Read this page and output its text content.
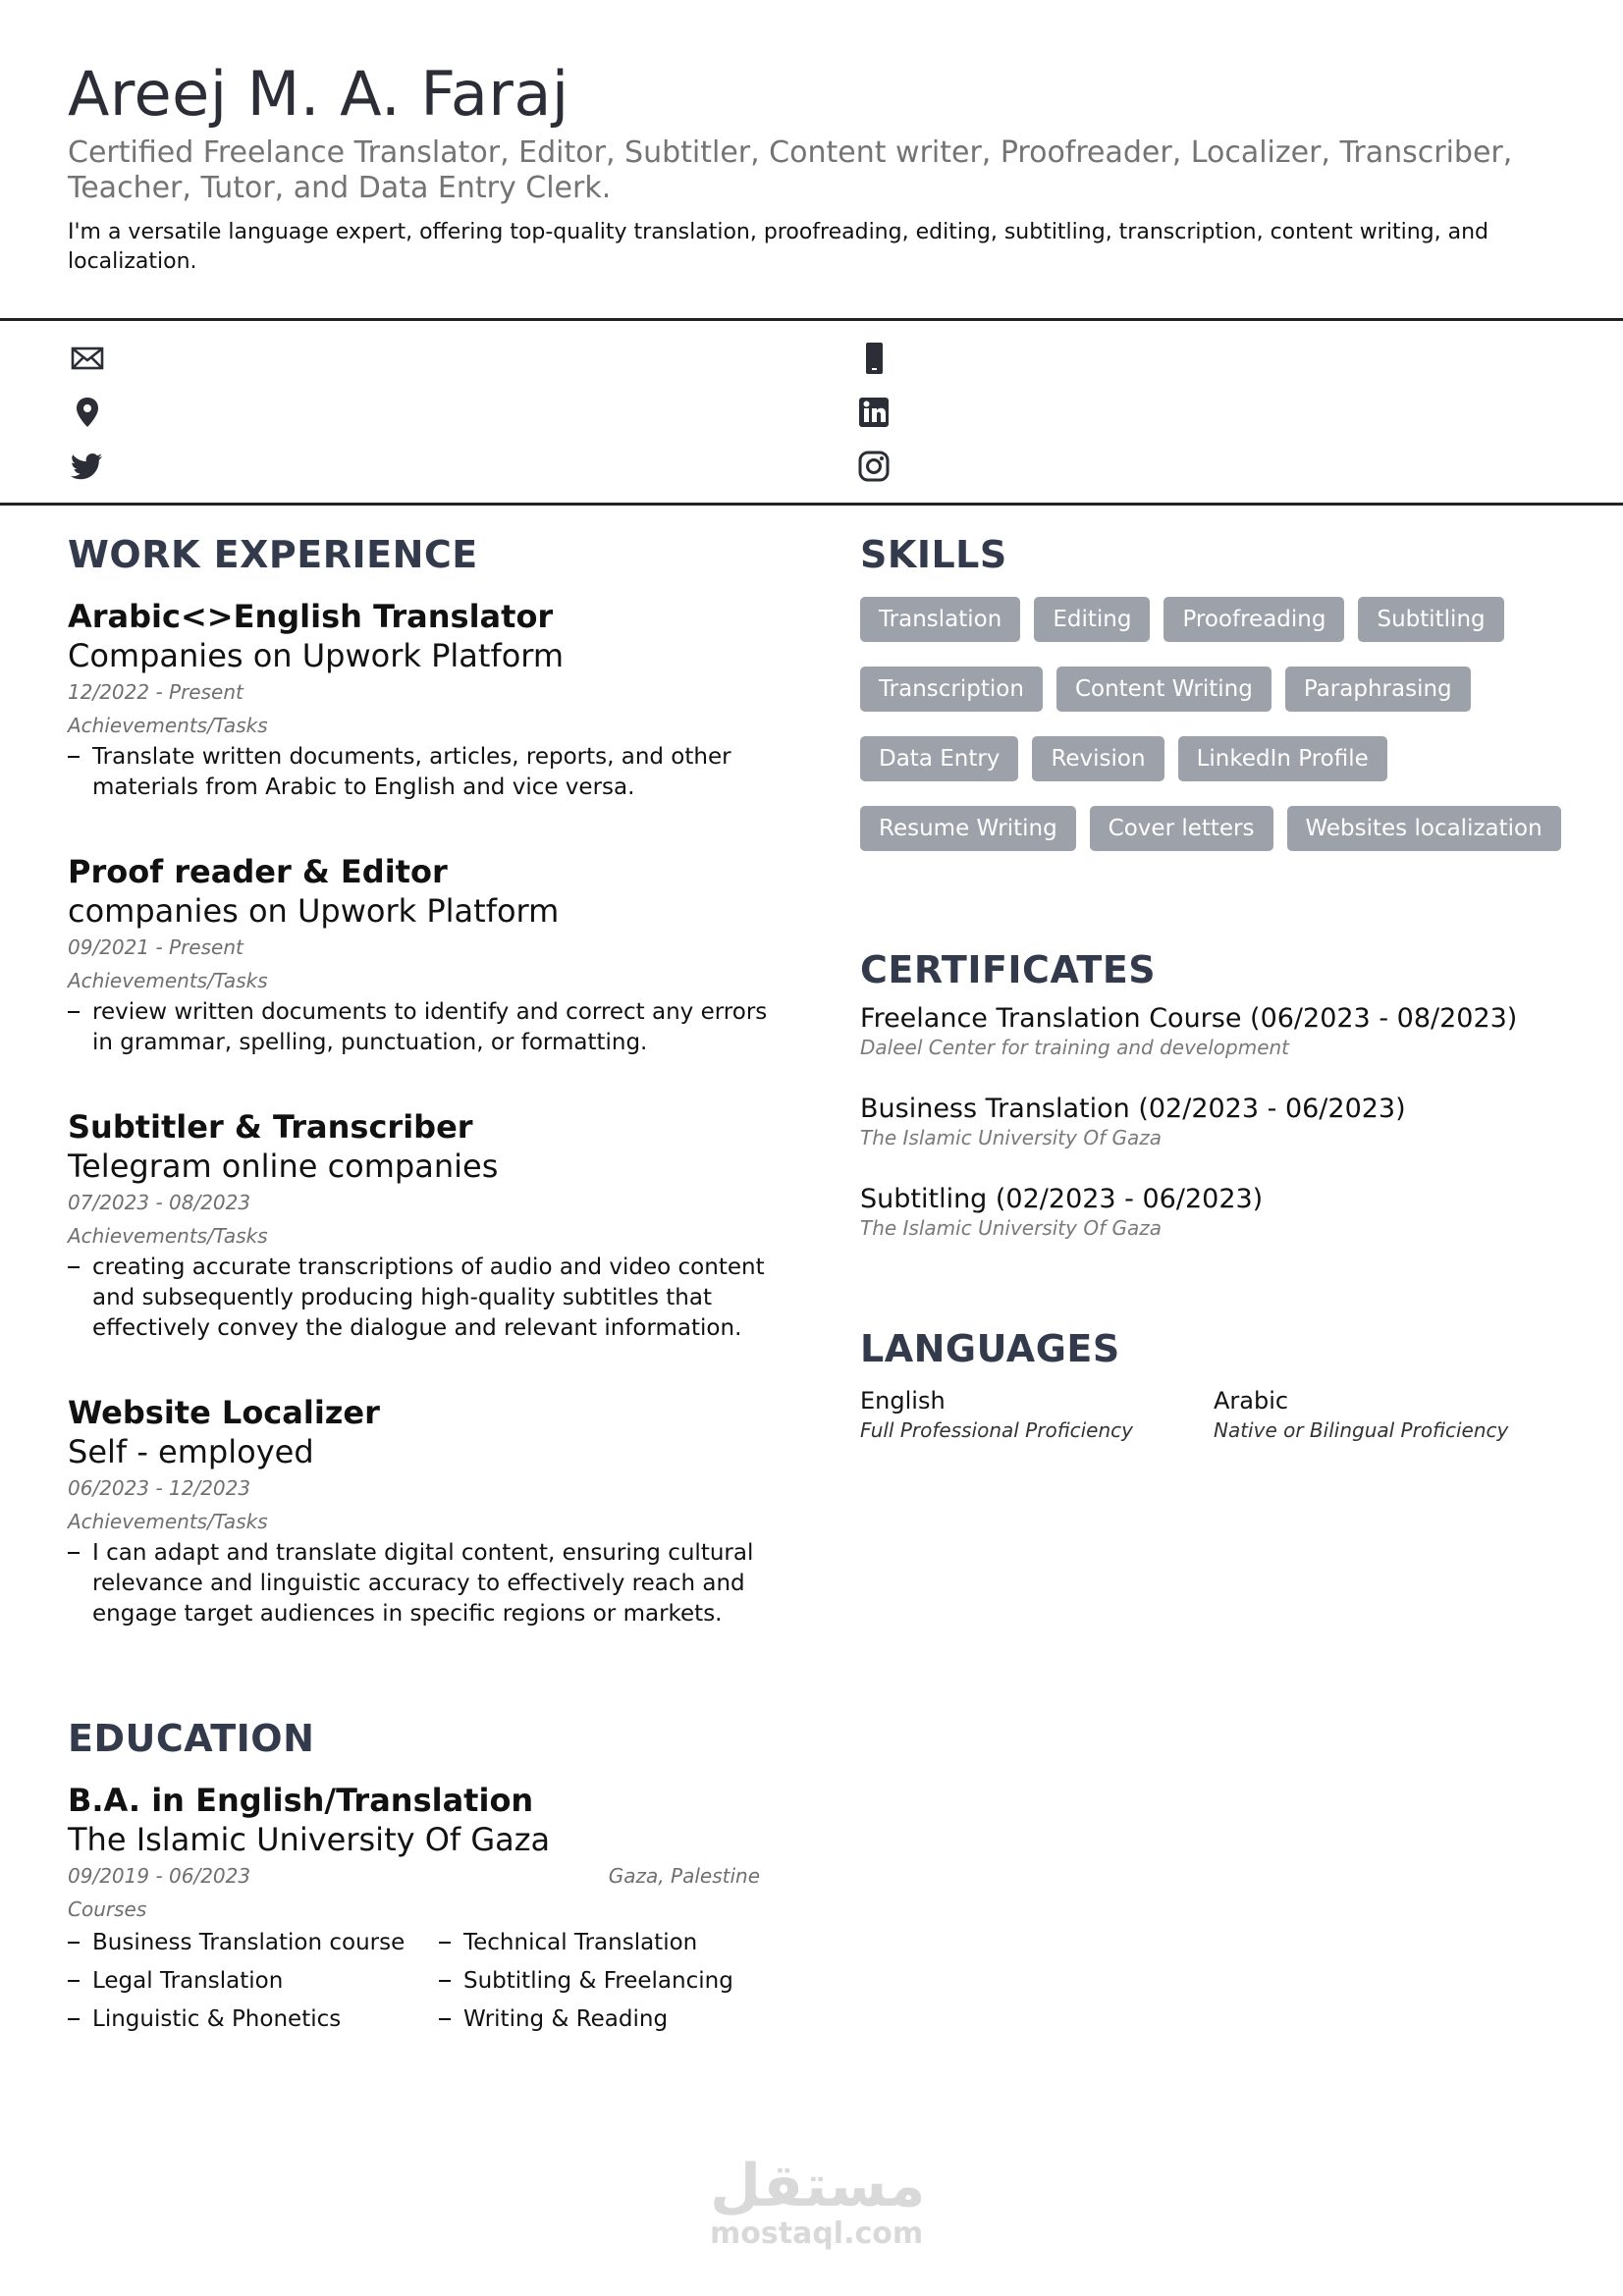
Areej M. A. Faraj
Certified Freelance Translator, Editor, Subtitler, Content writer, Proofreader, Localizer, Transcriber, Teacher, Tutor, and Data Entry Clerk.
I'm a versatile language expert, offering top-quality translation, proofreading, editing, subtitling, transcription, content writing, and localization.
WORK EXPERIENCE
Arabic<>English Translator
Companies on Upwork Platform
12/2022 - Present
Achievements/Tasks
Translate written documents, articles, reports, and other materials from Arabic to English and vice versa.
Proof reader & Editor
companies on Upwork Platform
09/2021 - Present
Achievements/Tasks
review written documents to identify and correct any errors in grammar, spelling, punctuation, or formatting.
Subtitler & Transcriber
Telegram online companies
07/2023 - 08/2023
Achievements/Tasks
creating accurate transcriptions of audio and video content and subsequently producing high-quality subtitles that effectively convey the dialogue and relevant information.
Website Localizer
Self - employed
06/2023 - 12/2023
Achievements/Tasks
I can adapt and translate digital content, ensuring cultural relevance and linguistic accuracy to effectively reach and engage target audiences in specific regions or markets.
EDUCATION
B.A. in English/Translation
The Islamic University Of Gaza
09/2019 - 06/2023	Gaza, Palestine
Courses
Business Translation course	Technical Translation
Legal Translation	Subtitling & Freelancing
Linguistic & Phonetics	Writing & Reading
SKILLS
Translation	Editing	Proofreading	Subtitling
Transcription	Content Writing	Paraphrasing
Data Entry	Revision	LinkedIn Profile
Resume Writing	Cover letters	Websites localization
CERTIFICATES
Freelance Translation Course (06/2023 - 08/2023)
Daleel Center for training and development
Business Translation (02/2023 - 06/2023)
The Islamic University Of Gaza
Subtitling (02/2023 - 06/2023)
The Islamic University Of Gaza
LANGUAGES
English
Full Professional Proficiency
Arabic
Native or Bilingual Proficiency
مستقل
mostaql.com
